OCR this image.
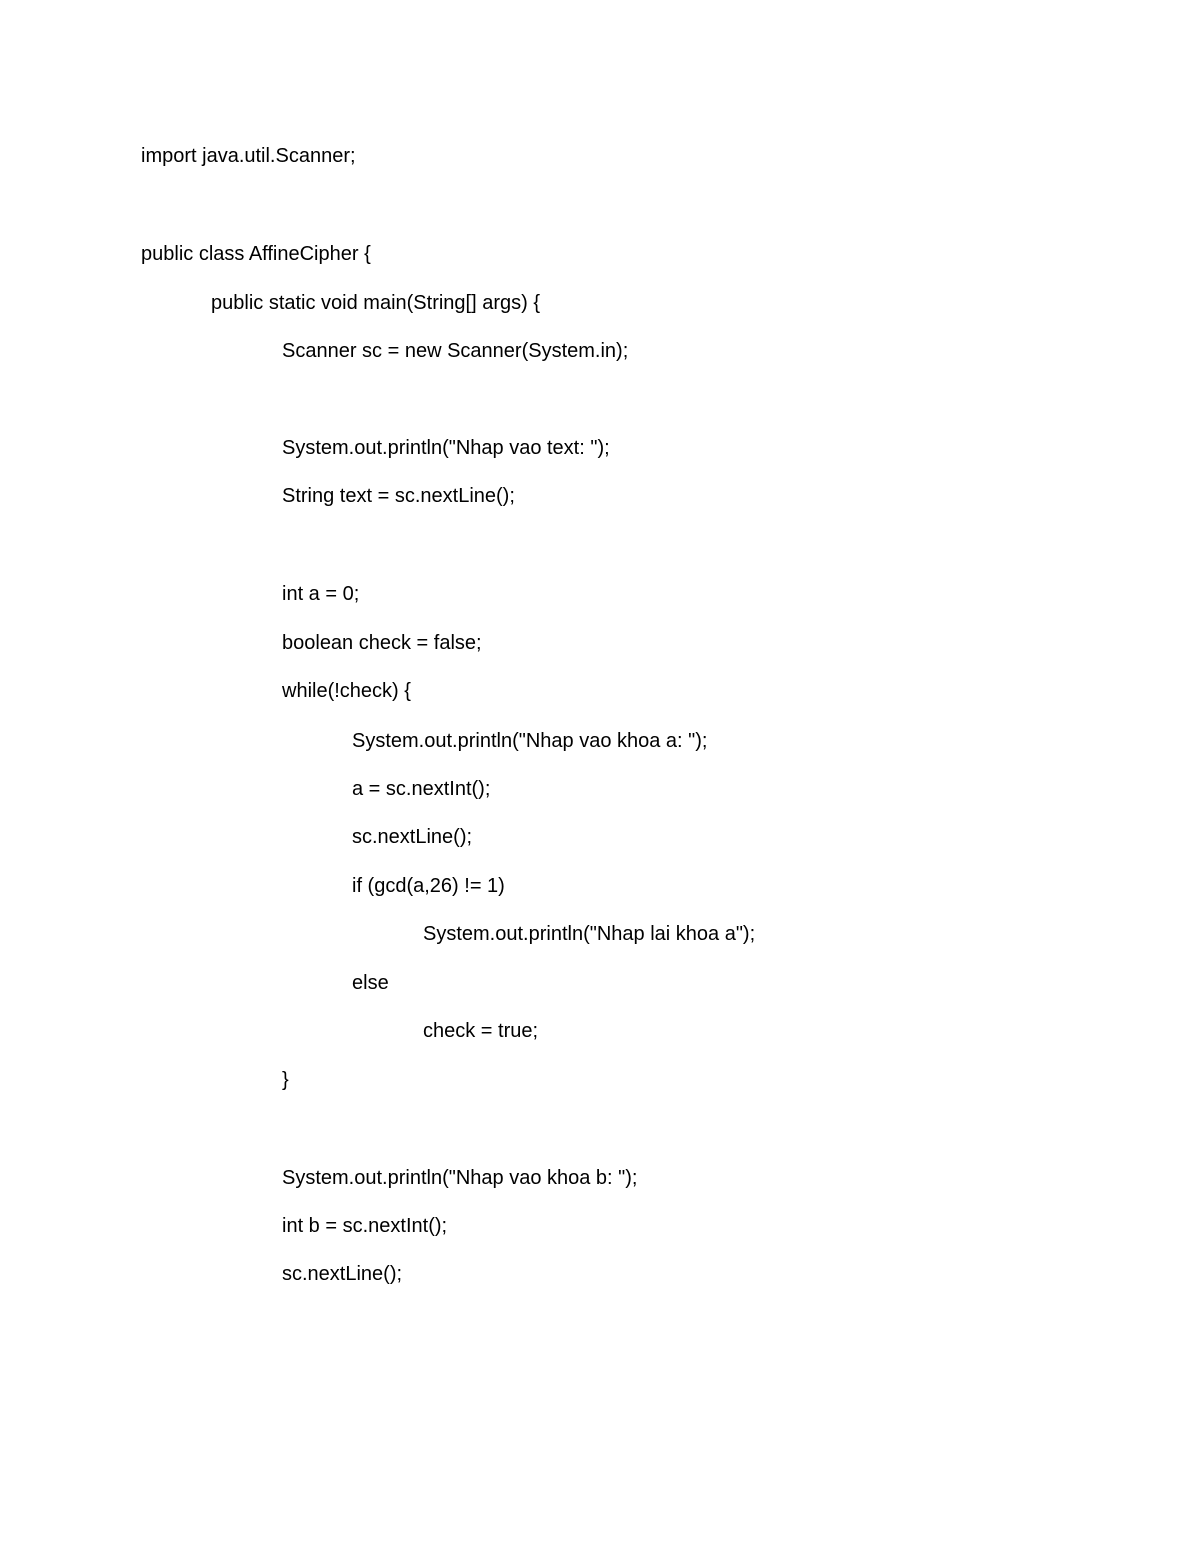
import java.util.Scanner;

public class AffineCipher {

public static void main(String[] args) {

Scanner sc = new Scanner(System.in);

System.out.println("Nhap vao text: ");

String text = sc.nextLine();

int a = 0;

boolean check = false;

while(!check) {

System.out.println("Nhap vao khoa a: ");

a = sc.nextInt();

sc.nextLine();

if (gcd(a,26) != 1)

System.out.println("Nhap lai khoa a");

else

check = true;

}

System.out.println("Nhap vao khoa b: ");

int b = sc.nextInt();

sc.nextLine();
